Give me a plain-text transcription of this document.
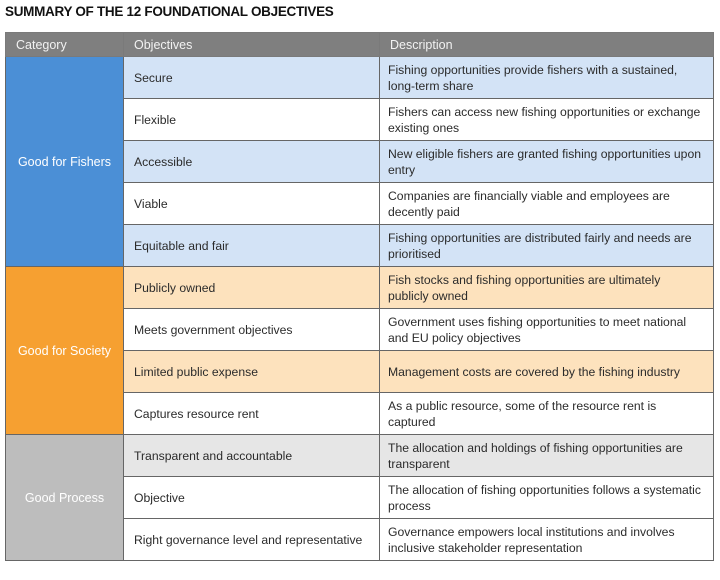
SUMMARY OF THE 12 FOUNDATIONAL OBJECTIVES
Category	Objectives	Description
Good for Fishers	Secure	Fishing opportunities provide fishers with a sustained, long-term share
	Flexible	Fishers can access new fishing opportunities or exchange existing ones
	Accessible	New eligible fishers are granted fishing opportunities upon entry
	Viable	Companies are financially viable and employees are decently paid
	Equitable and fair	Fishing opportunities are distributed fairly and needs are prioritised
Good for Society	Publicly owned	Fish stocks and fishing opportunities are ultimately publicly owned
	Meets government objectives	Government uses fishing opportunities to meet national and EU policy objectives
	Limited public expense	Management costs are covered by the fishing industry
	Captures resource rent	As a public resource, some of the resource rent is captured
Good Process	Transparent and accountable	The allocation and holdings of fishing opportunities are transparent
	Objective	The allocation of fishing opportunities follows a systematic process
	Right governance level and representative	Governance empowers local institutions and involves inclusive stakeholder representation
